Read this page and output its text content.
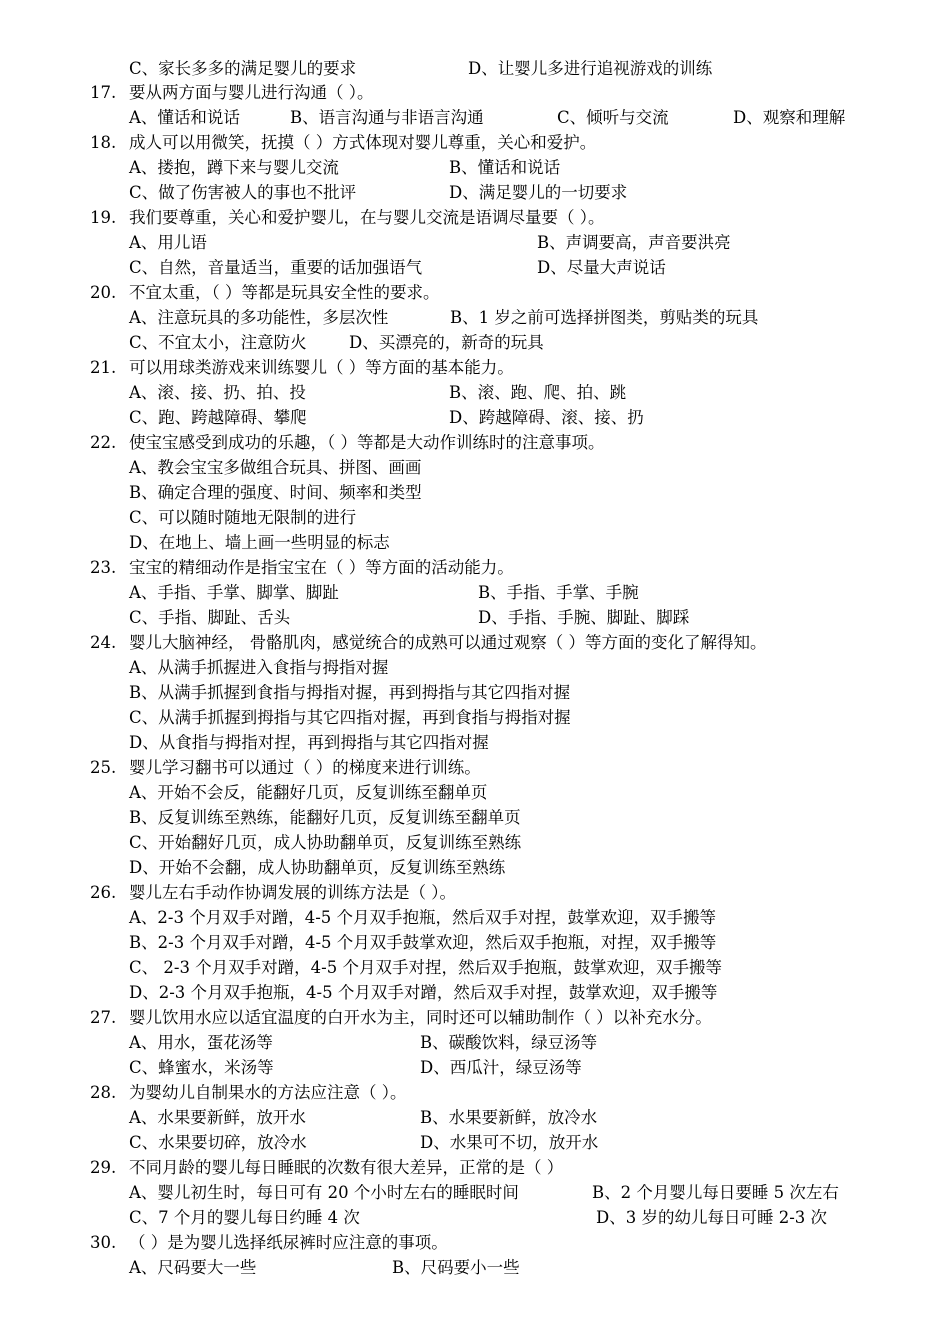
C、家长多多的满足婴儿的要求	D、让婴儿多进行追视游戏的训练
17. 要从两方面与婴儿进行沟通（ ）。
A、懂话和说话	B、语言沟通与非语言沟通	C、倾听与交流	D、观察和理解
18. 成人可以用微笑，抚摸（ ）方式体现对婴儿尊重，关心和爱护。
A、搂抱，蹲下来与婴儿交流	B、懂话和说话
C、做了伤害被人的事也不批评	D、满足婴儿的一切要求
19. 我们要尊重，关心和爱护婴儿，在与婴儿交流是语调尽量要（ ）。
A、用儿语	B、声调要高，声音要洪亮
C、自然，音量适当，重要的话加强语气	D、尽量大声说话
20. 不宜太重，（ ）等都是玩具安全性的要求。
A、注意玩具的多功能性，多层次性	B、1 岁之前可选择拼图类，剪贴类的玩具
C、不宜太小，注意防火	D、买漂亮的，新奇的玩具
21. 可以用球类游戏来训练婴儿（ ）等方面的基本能力。
A、滚、接、扔、拍、投	B、滚、跑、爬、拍、跳
C、跑、跨越障碍、攀爬	D、跨越障碍、滚、接、扔
22. 使宝宝感受到成功的乐趣，（ ）等都是大动作训练时的注意事项。
A、教会宝宝多做组合玩具、拼图、画画
B、确定合理的强度、时间、频率和类型
C、可以随时随地无限制的进行
D、在地上、墙上画一些明显的标志
23. 宝宝的精细动作是指宝宝在（ ）等方面的活动能力。
A、手指、手掌、脚掌、脚趾	B、手指、手掌、手腕
C、手指、脚趾、舌头	D、手指、手腕、脚趾、脚踩
24. 婴儿大脑神经， 骨骼肌肉，感觉统合的成熟可以通过观察（ ）等方面的变化了解得知。
A、从满手抓握进入食指与拇指对握
B、从满手抓握到食指与拇指对握，再到拇指与其它四指对握
C、从满手抓握到拇指与其它四指对握，再到食指与拇指对握
D、从食指与拇指对捏，再到拇指与其它四指对握
25. 婴儿学习翻书可以通过（ ）的梯度来进行训练。
A、开始不会反，能翻好几页，反复训练至翻单页
B、反复训练至熟练，能翻好几页，反复训练至翻单页
C、开始翻好几页，成人协助翻单页，反复训练至熟练
D、开始不会翻，成人协助翻单页，反复训练至熟练
26. 婴儿左右手动作协调发展的训练方法是（ ）。
A、2-3 个月双手对蹭，4-5 个月双手抱瓶，然后双手对捏，鼓掌欢迎，双手搬等
B、2-3 个月双手对蹭，4-5 个月双手鼓掌欢迎，然后双手抱瓶，对捏，双手搬等
C、 2-3 个月双手对蹭，4-5 个月双手对捏，然后双手抱瓶，鼓掌欢迎，双手搬等
D、2-3 个月双手抱瓶，4-5 个月双手对蹭，然后双手对捏，鼓掌欢迎，双手搬等
27. 婴儿饮用水应以适宜温度的白开水为主，同时还可以辅助制作（ ）以补充水分。
A、用水，蛋花汤等	B、碳酸饮料，绿豆汤等
C、蜂蜜水，米汤等	D、西瓜汁，绿豆汤等
28. 为婴幼儿自制果水的方法应注意（ ）。
A、水果要新鲜，放开水	B、水果要新鲜，放冷水
C、水果要切碎，放冷水	D、水果可不切，放开水
29. 不同月龄的婴儿每日睡眠的次数有很大差异，正常的是（ ）
A、婴儿初生时，每日可有 20 个小时左右的睡眠时间	B、2 个月婴儿每日要睡 5 次左右
C、7 个月的婴儿每日约睡 4 次	D、3 岁的幼儿每日可睡 2-3 次
30. （ ）是为婴儿选择纸尿裤时应注意的事项。
A、尺码要大一些	B、尺码要小一些
